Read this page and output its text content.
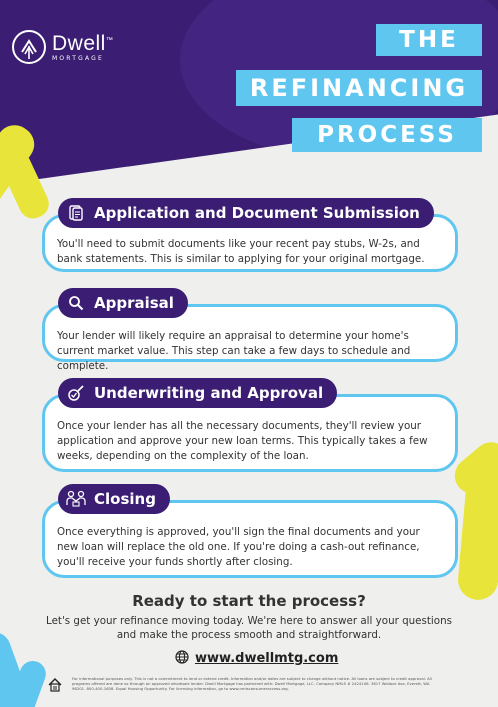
Dwell™
MORTGAGE
THE
REFINANCING
PROCESS

You'll need to submit documents like your recent pay stubs, W-2s, and bank statements. This is similar to applying for your original mortgage.

Application and Document Submission

Your lender will likely require an appraisal to determine your home's current market value. This step can take a few days to schedule and complete.

Appraisal

Once your lender has all the necessary documents, they'll review your application and approve your new loan terms. This typically takes a few weeks, depending on the complexity of the loan.

Underwriting and Approval

Once everything is approved, you'll sign the final documents and your new loan will replace the old one. If you're doing a cash-out refinance, you'll receive your funds shortly after closing.

Closing
Ready to start the process?
Let's get your refinance moving today. We're here to answer all your questions and make the process smooth and straightforward.
www.dwellmtg.com
For informational purposes only. This is not a commitment to lend or extend credit. Information and/or dates are subject to change without notice. All loans are subject to credit approval. All programs offered are done so through an approved wholesale lender. Dwell Mortgage has partnered with: Dwell Mortgage, LLC. Company NMLS # 2424106. 3617 Wallace Ave, Everett, WA 98201. 800-400-1658. Equal Housing Opportunity. For licensing information, go to www.nmlsconsumeraccess.org.
